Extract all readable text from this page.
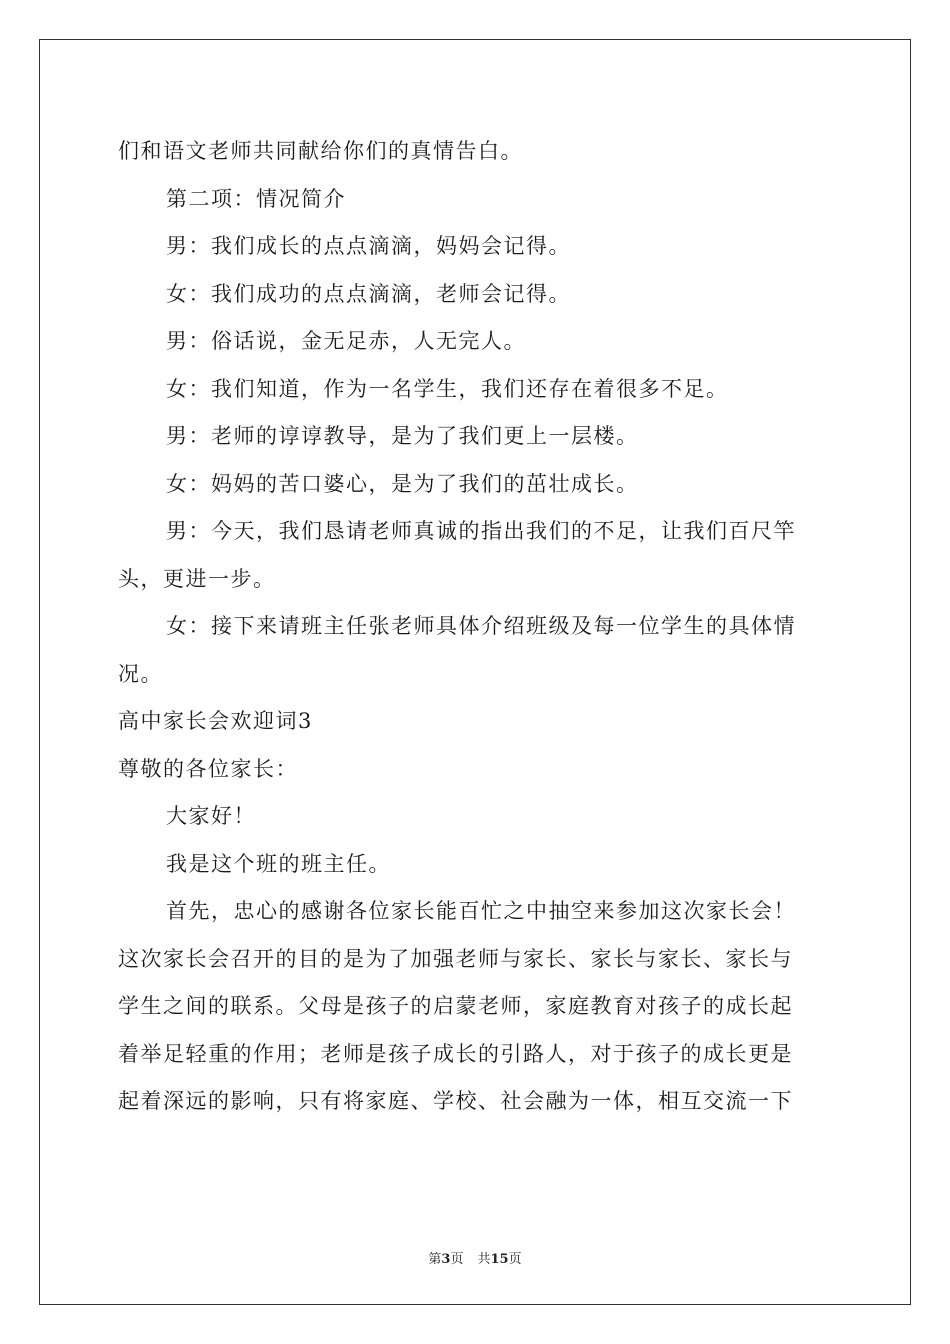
们和语文老师共同献给你们的真情告白。
第二项：情况简介
男：我们成长的点点滴滴，妈妈会记得。
女：我们成功的点点滴滴，老师会记得。
男：俗话说，金无足赤，人无完人。
女：我们知道，作为一名学生，我们还存在着很多不足。
男：老师的谆谆教导，是为了我们更上一层楼。
女：妈妈的苦口婆心，是为了我们的茁壮成长。
男：今天，我们恳请老师真诚的指出我们的不足，让我们百尺竿
头，更进一步。
女：接下来请班主任张老师具体介绍班级及每一位学生的具体情
况。
高中家长会欢迎词3
尊敬的各位家长：
大家好！
我是这个班的班主任。
首先，忠心的感谢各位家长能百忙之中抽空来参加这次家长会！
这次家长会召开的目的是为了加强老师与家长、家长与家长、家长与
学生之间的联系。父母是孩子的启蒙老师，家庭教育对孩子的成长起
着举足轻重的作用；老师是孩子成长的引路人，对于孩子的成长更是
起着深远的影响，只有将家庭、学校、社会融为一体，相互交流一下
第3页 共15页
